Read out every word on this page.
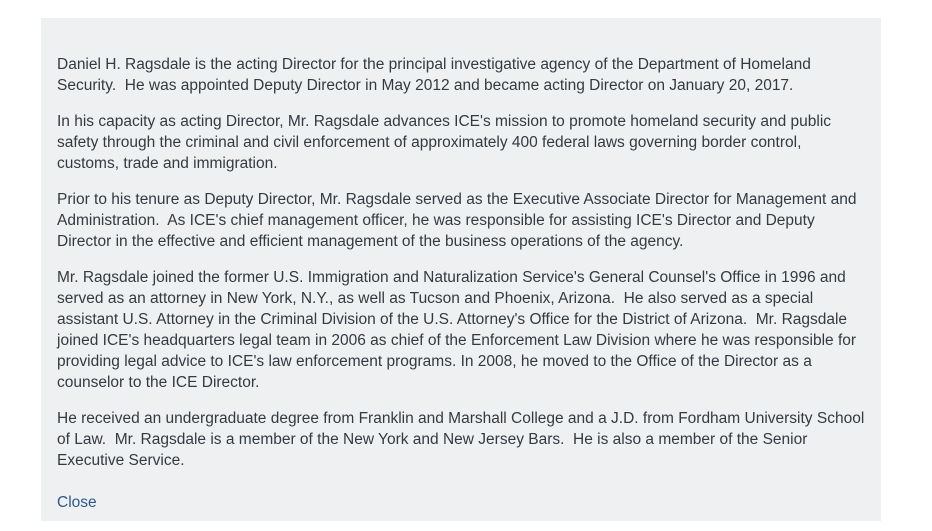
Daniel H. Ragsdale is the acting Director for the principal investigative agency of the Department of Homeland Security.  He was appointed Deputy Director in May 2012 and became acting Director on January 20, 2017.

In his capacity as acting Director, Mr. Ragsdale advances ICE's mission to promote homeland security and public safety through the criminal and civil enforcement of approximately 400 federal laws governing border control, customs, trade and immigration.

Prior to his tenure as Deputy Director, Mr. Ragsdale served as the Executive Associate Director for Management and Administration.  As ICE's chief management officer, he was responsible for assisting ICE's Director and Deputy Director in the effective and efficient management of the business operations of the agency.

Mr. Ragsdale joined the former U.S. Immigration and Naturalization Service's General Counsel's Office in 1996 and served as an attorney in New York, N.Y., as well as Tucson and Phoenix, Arizona.  He also served as a special assistant U.S. Attorney in the Criminal Division of the U.S. Attorney's Office for the District of Arizona.  Mr. Ragsdale joined ICE's headquarters legal team in 2006 as chief of the Enforcement Law Division where he was responsible for providing legal advice to ICE's law enforcement programs. In 2008, he moved to the Office of the Director as a counselor to the ICE Director.

He received an undergraduate degree from Franklin and Marshall College and a J.D. from Fordham University School of Law.  Mr. Ragsdale is a member of the New York and New Jersey Bars.  He is also a member of the Senior Executive Service.

Close
